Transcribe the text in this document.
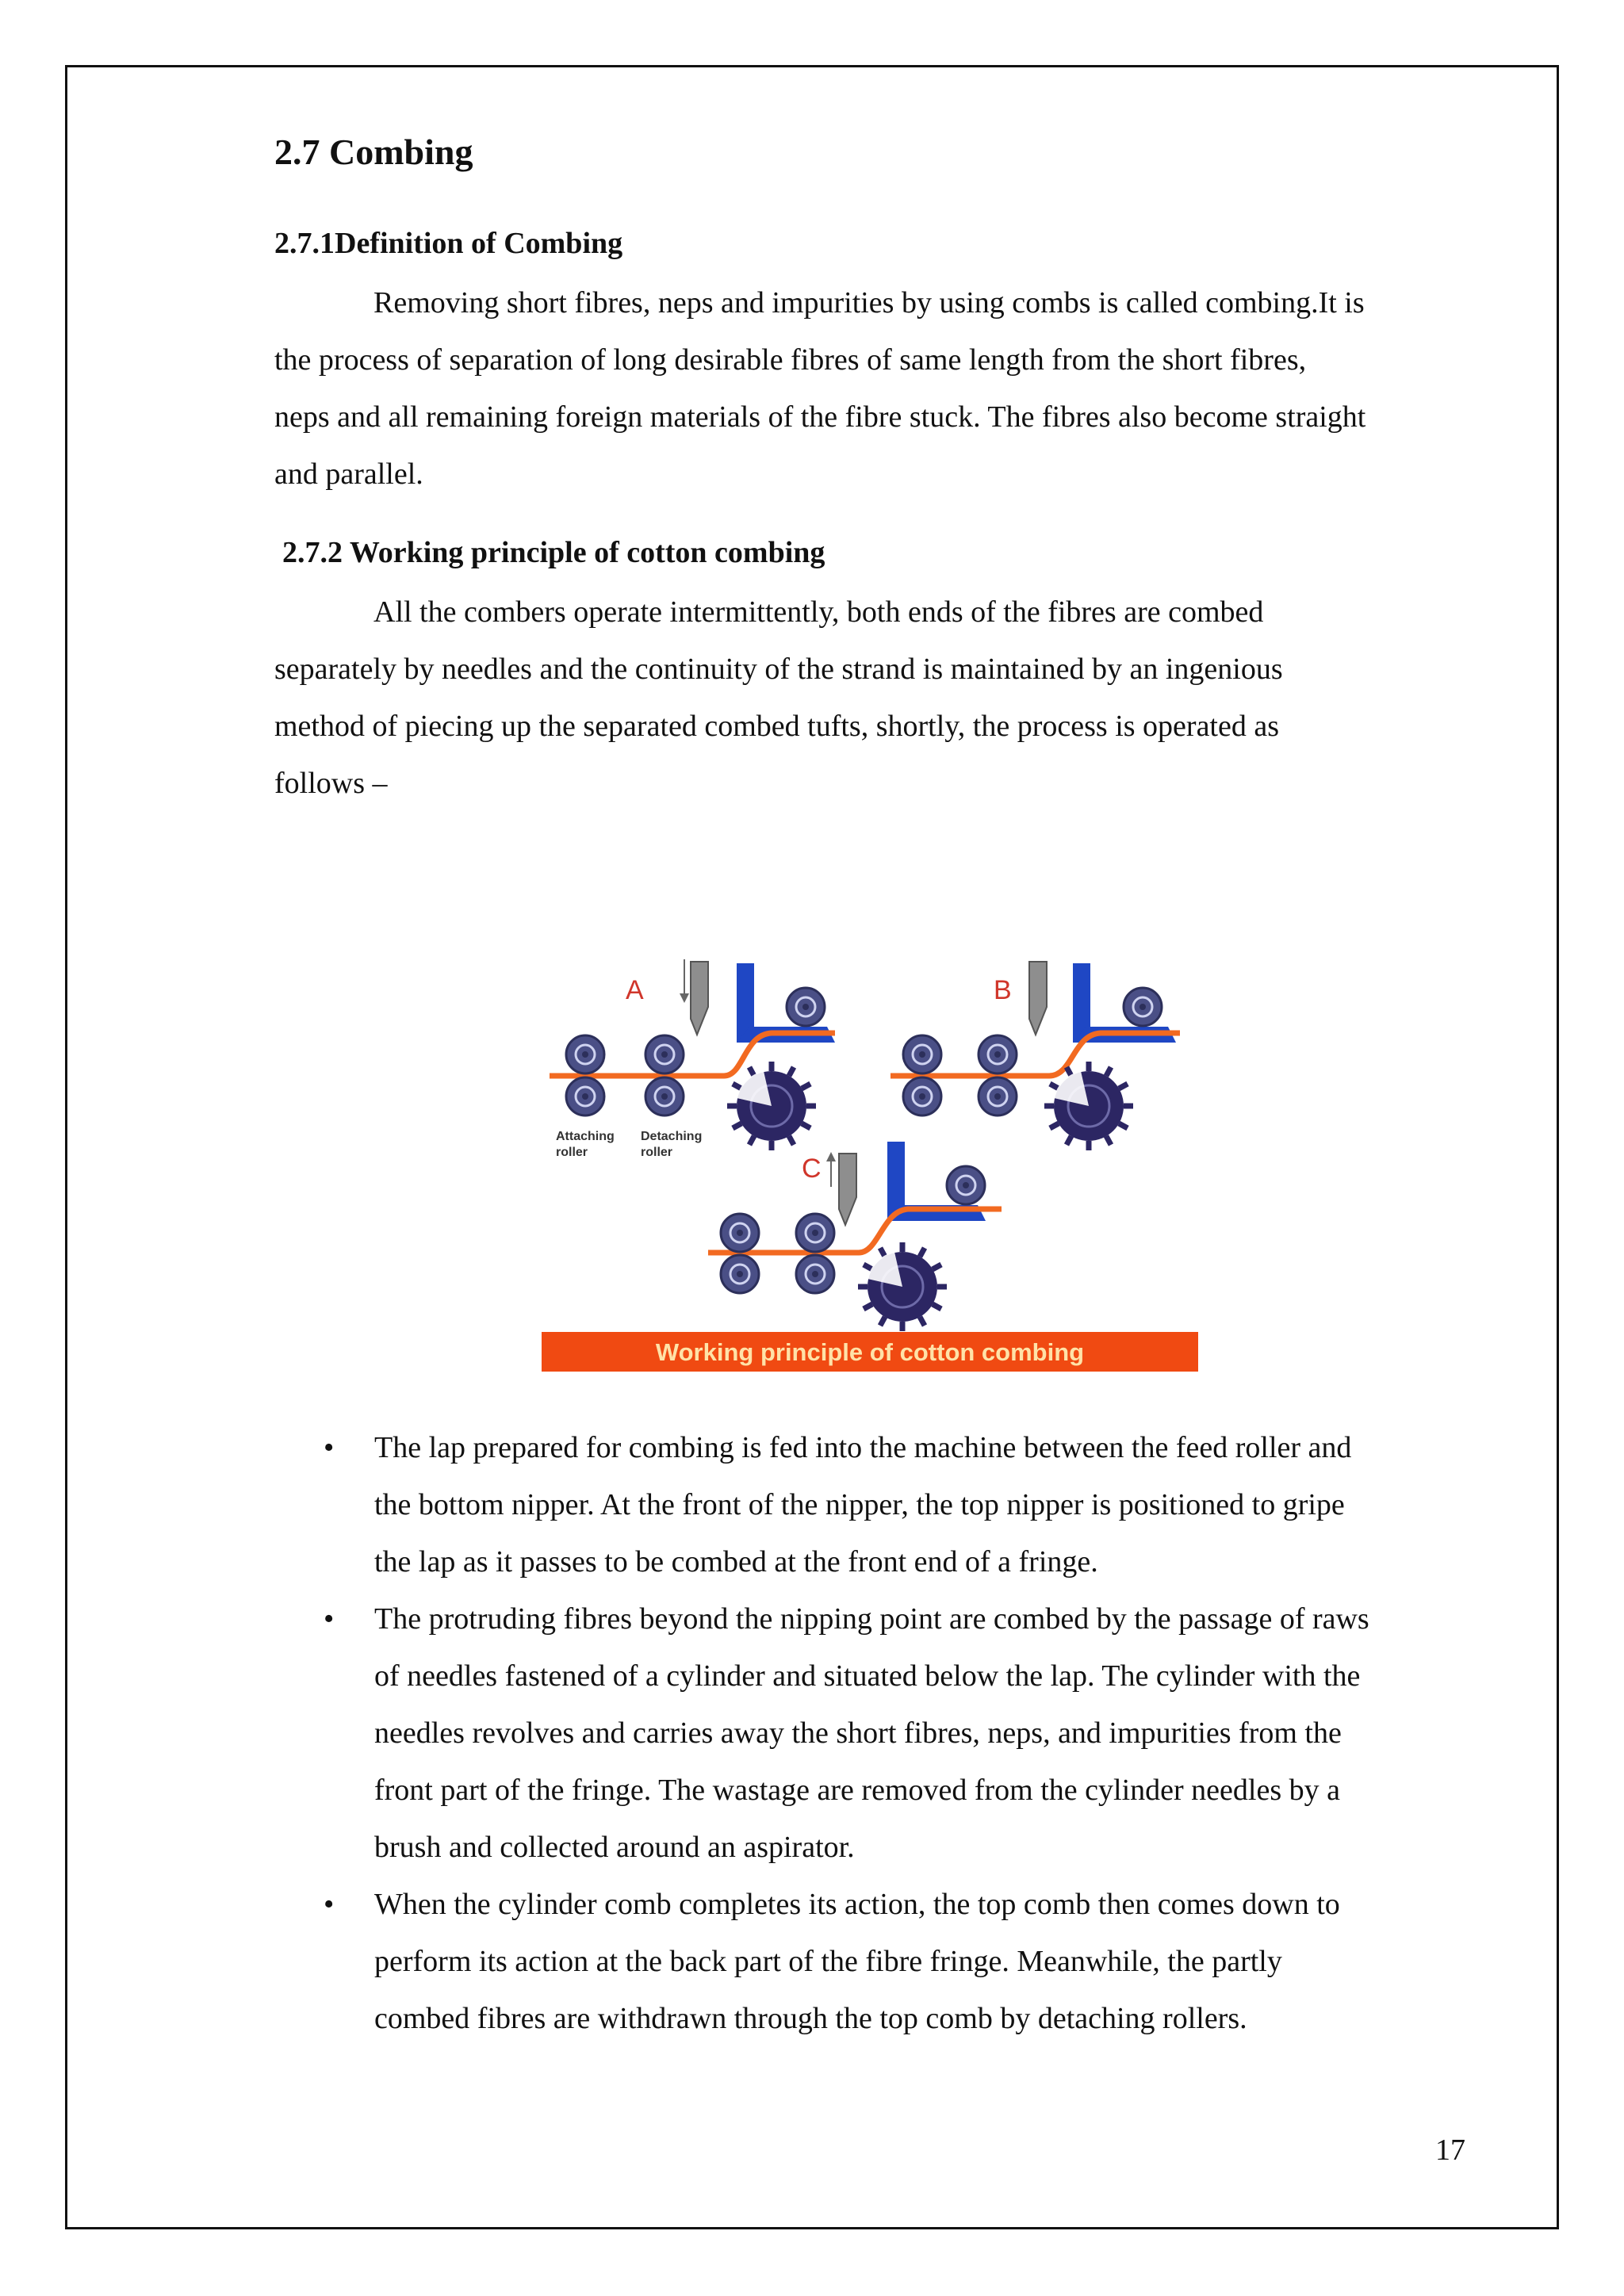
2.7 Combing
2.7.1Definition of Combing
Removing short fibres, neps and impurities by using combs is called combing.It is
the process of separation of long desirable fibres of same length from the short fibres,
neps and all remaining foreign materials of the fibre stuck. The fibres also become straight
and parallel.
2.7.2 Working principle of cotton combing
All the combers operate intermittently, both ends of the fibres are combed
separately by needles and the continuity of the strand is maintained by an ingenious
method of piecing up the separated combed tufts, shortly, the process is operated as
follows –
A
Attaching
roller
Detaching
roller
B
C
Working principle of cotton combing
• The lap prepared for combing is fed into the machine between the feed roller and
the bottom nipper. At the front of the nipper, the top nipper is positioned to gripe
the lap as it passes to be combed at the front end of a fringe.
• The protruding fibres beyond the nipping point are combed by the passage of raws
of needles fastened of a cylinder and situated below the lap. The cylinder with the
needles revolves and carries away the short fibres, neps, and impurities from the
front part of the fringe. The wastage are removed from the cylinder needles by a
brush and collected around an aspirator.
• When the cylinder comb completes its action, the top comb then comes down to
perform its action at the back part of the fibre fringe. Meanwhile, the partly
combed fibres are withdrawn through the top comb by detaching rollers.
17
